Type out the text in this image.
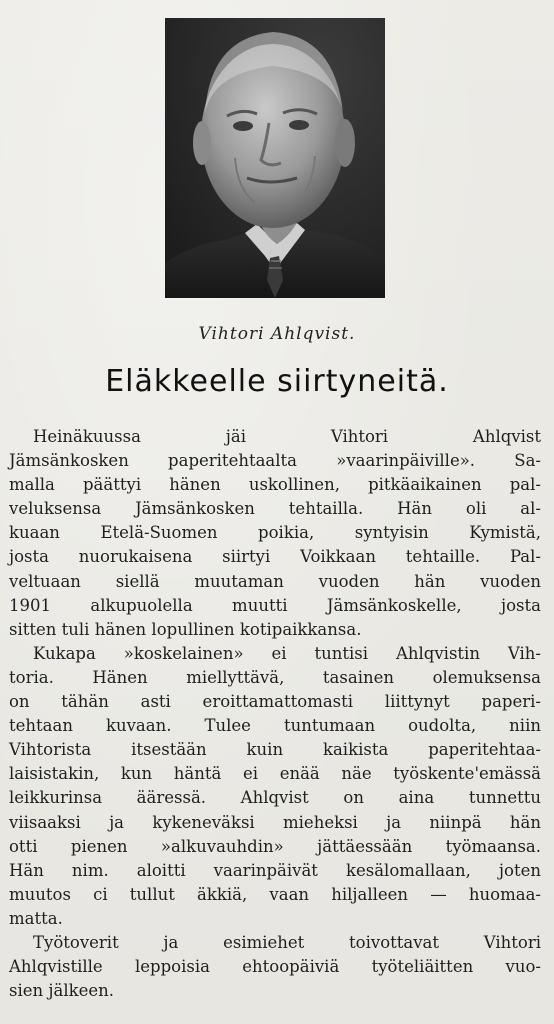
Vihtori Ahlqvist.
Eläkkeelle siirtyneitä.
Heinäkuussa jäi Vihtori Ahlqvist
Jämsänkosken paperitehtaalta »vaarinpäiville». Sa-
malla päättyi hänen uskollinen, pitkäaikainen pal-
veluksensa Jämsänkosken tehtailla. Hän oli al-
kuaan Etelä-Suomen poikia, syntyisin Kymistä,
josta nuorukaisena siirtyi Voikkaan tehtaille. Pal-
veltuaan siellä muutaman vuoden hän vuoden
1901 alkupuolella muutti Jämsänkoskelle, josta
sitten tuli hänen lopullinen kotipaikkansa.
Kukapa »koskelainen» ei tuntisi Ahlqvistin Vih-
toria. Hänen miellyttävä, tasainen olemuksensa
on tähän asti eroittamattomasti liittynyt paperi-
tehtaan kuvaan. Tulee tuntumaan oudolta, niin
Vihtorista itsestään kuin kaikista paperitehtaa-
laisistakin, kun häntä ei enää näe työskente'emässä
leikkurinsa ääressä. Ahlqvist on aina tunnettu
viisaaksi ja kykeneväksi mieheksi ja niinpä hän
otti pienen »alkuvauhdin» jättäessään työmaansa.
Hän nim. aloitti vaarinpäivät kesälomallaan, joten
muutos ci tullut äkkiä, vaan hiljalleen — huomaa-
matta.
Työtoverit ja esimiehet toivottavat Vihtori
Ahlqvistille leppoisia ehtoopäiviä työteliäitten vuo-
sien jälkeen.
